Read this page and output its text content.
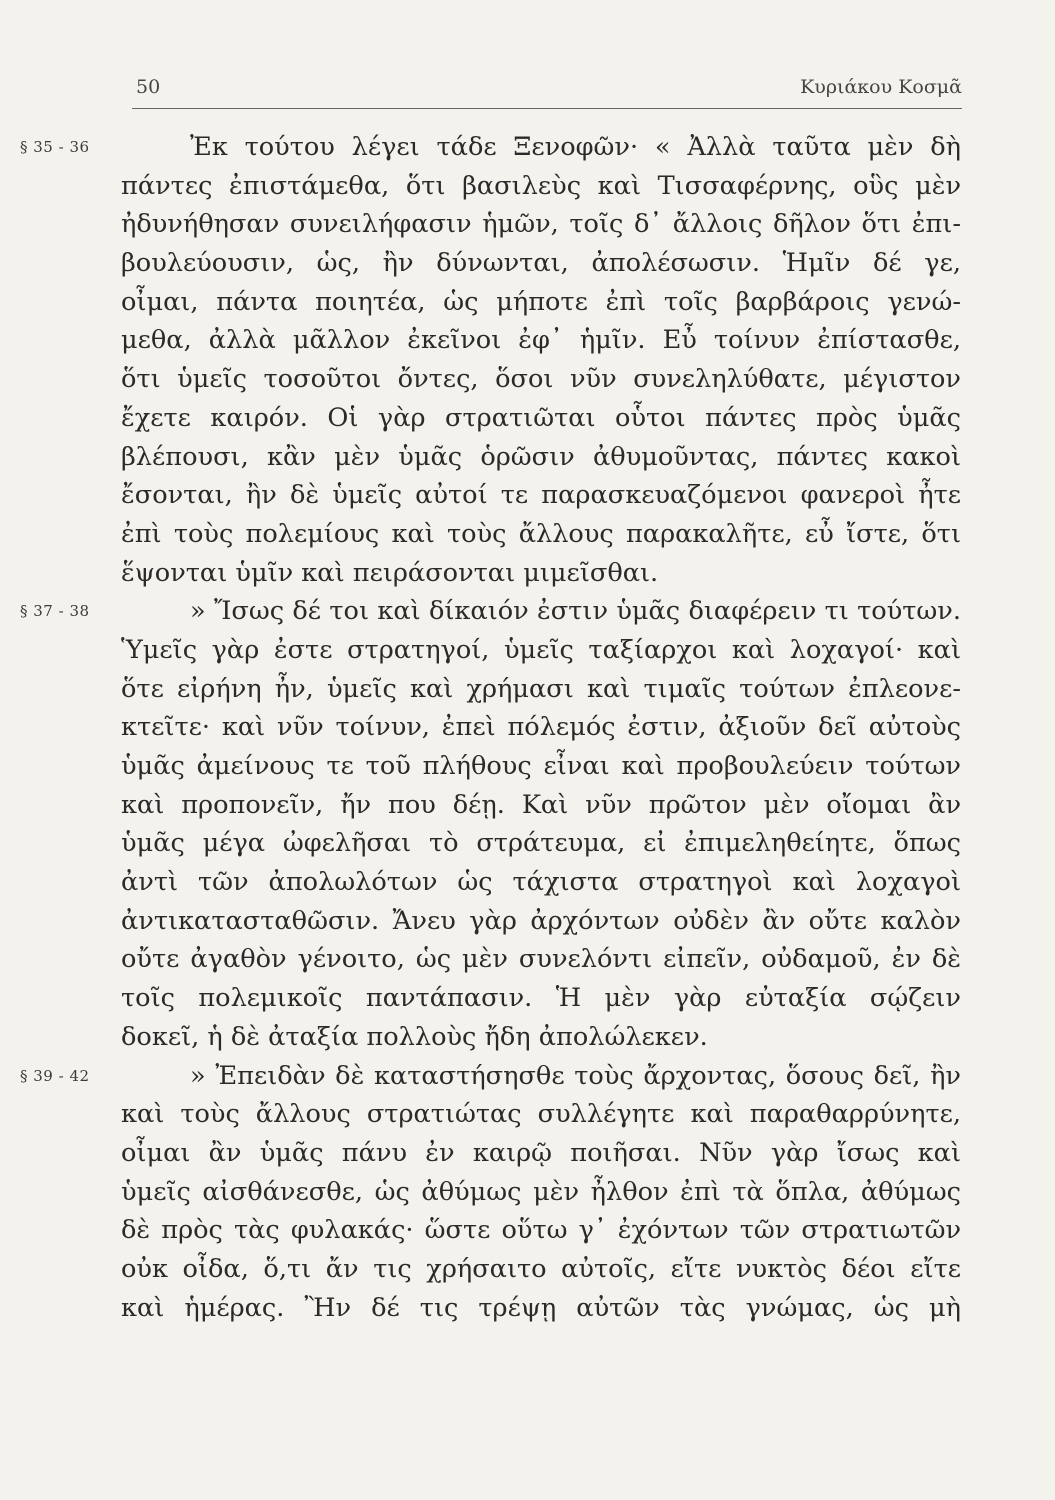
50	Κυριάκου Κοσμᾶ
§ 35 - 36	Ἐκ τούτου λέγει τάδε Ξενοφῶν· « Ἀλλὰ ταῦτα μὲν δὴ
πάντες ἐπιστάμεθα, ὅτι βασιλεὺς καὶ Τισσαφέρνης, οὓς μὲν
ἠδυνήθησαν συνειλήφασιν ἡμῶν, τοῖς δ᾽ ἄλλοις δῆλον ὅτι ἐπι-
βουλεύουσιν, ὡς, ἢν δύνωνται, ἀπολέσωσιν. Ἡμῖν δέ γε,
οἶμαι, πάντα ποιητέα, ὡς μήποτε ἐπὶ τοῖς βαρβάροις γενώ-
μεθα, ἀλλὰ μᾶλλον ἐκεῖνοι ἐφ᾽ ἡμῖν. Εὖ τοίνυν ἐπίστασθε,
ὅτι ὑμεῖς τοσοῦτοι ὄντες, ὅσοι νῦν συνεληλύθατε, μέγιστον
ἔχετε καιρόν. Οἱ γὰρ στρατιῶται οὗτοι πάντες πρὸς ὑμᾶς
βλέπουσι, κἂν μὲν ὑμᾶς ὁρῶσιν ἀθυμοῦντας, πάντες κακοὶ
ἔσονται, ἢν δὲ ὑμεῖς αὐτοί τε παρασκευαζόμενοι φανεροὶ ἦτε
ἐπὶ τοὺς πολεμίους καὶ τοὺς ἄλλους παρακαλῆτε, εὖ ἴστε, ὅτι
ἕψονται ὑμῖν καὶ πειράσονται μιμεῖσθαι.
§ 37 - 38	» Ἴσως δέ τοι καὶ δίκαιόν ἐστιν ὑμᾶς διαφέρειν τι τούτων.
Ὑμεῖς γὰρ ἐστε στρατηγοί, ὑμεῖς ταξίαρχοι καὶ λοχαγοί· καὶ
ὅτε εἰρήνη ἦν, ὑμεῖς καὶ χρήμασι καὶ τιμαῖς τούτων ἐπλεονε-
κτεῖτε· καὶ νῦν τοίνυν, ἐπεὶ πόλεμός ἐστιν, ἀξιοῦν δεῖ αὐτοὺς
ὑμᾶς ἀμείνους τε τοῦ πλήθους εἶναι καὶ προβουλεύειν τούτων
καὶ προπονεῖν, ἤν που δέῃ. Καὶ νῦν πρῶτον μὲν οἴομαι ἂν
ὑμᾶς μέγα ὠφελῆσαι τὸ στράτευμα, εἰ ἐπιμεληθείητε, ὅπως
ἀντὶ τῶν ἀπολωλότων ὡς τάχιστα στρατηγοὶ καὶ λοχαγοὶ
ἀντικατασταθῶσιν. Ἄνευ γὰρ ἀρχόντων οὐδὲν ἂν οὔτε καλὸν
οὔτε ἀγαθὸν γένοιτο, ὡς μὲν συνελόντι εἰπεῖν, οὐδαμοῦ, ἐν δὲ
τοῖς πολεμικοῖς παντάπασιν. Ἡ μὲν γὰρ εὐταξία σῴζειν
δοκεῖ, ἡ δὲ ἀταξία πολλοὺς ἤδη ἀπολώλεκεν.
§ 39 - 42	» Ἐπειδὰν δὲ καταστήσησθε τοὺς ἄρχοντας, ὅσους δεῖ, ἢν
καὶ τοὺς ἄλλους στρατιώτας συλλέγητε καὶ παραθαρρύνητε,
οἶμαι ἂν ὑμᾶς πάνυ ἐν καιρῷ ποιῆσαι. Νῦν γὰρ ἴσως καὶ
ὑμεῖς αἰσθάνεσθε, ὡς ἀθύμως μὲν ἦλθον ἐπὶ τὰ ὅπλα, ἀθύμως
δὲ πρὸς τὰς φυλακάς· ὥστε οὕτω γ᾽ ἐχόντων τῶν στρατιωτῶν
οὐκ οἶδα, ὅ,τι ἄν τις χρήσαιτο αὐτοῖς, εἴτε νυκτὸς δέοι εἴτε
καὶ ἡμέρας. Ἢν δέ τις τρέψῃ αὐτῶν τὰς γνώμας, ὡς μὴ
